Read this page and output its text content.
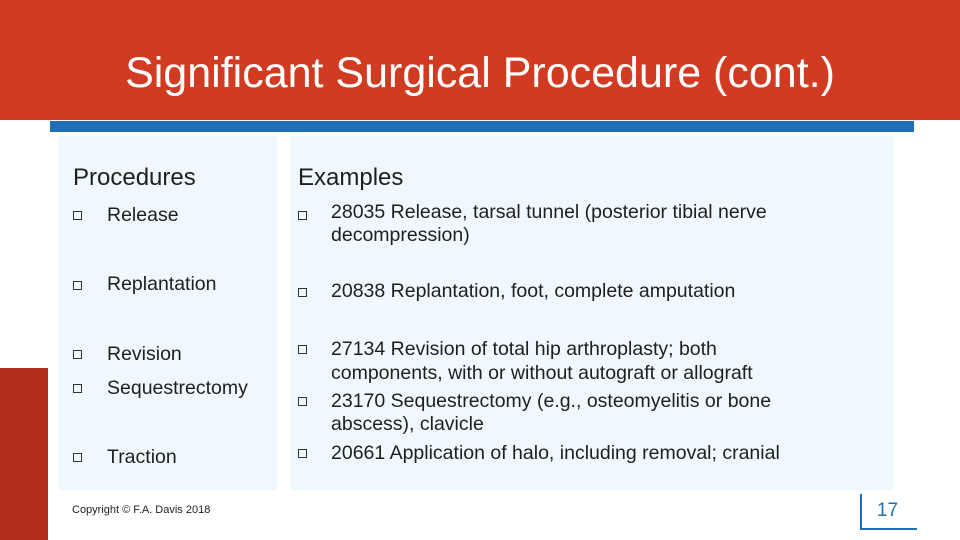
Significant Surgical Procedure (cont.)
Procedures
Release
Replantation
Revision
Sequestrectomy
Traction
Examples
28035 Release, tarsal tunnel (posterior tibial nerve
decompression)
20838 Replantation, foot, complete amputation
27134 Revision of total hip arthroplasty; both
components, with or without autograft or allograft
23170 Sequestrectomy (e.g., osteomyelitis or bone
abscess), clavicle
20661 Application of halo, including removal; cranial
Copyright © F.A. Davis 2018	17
